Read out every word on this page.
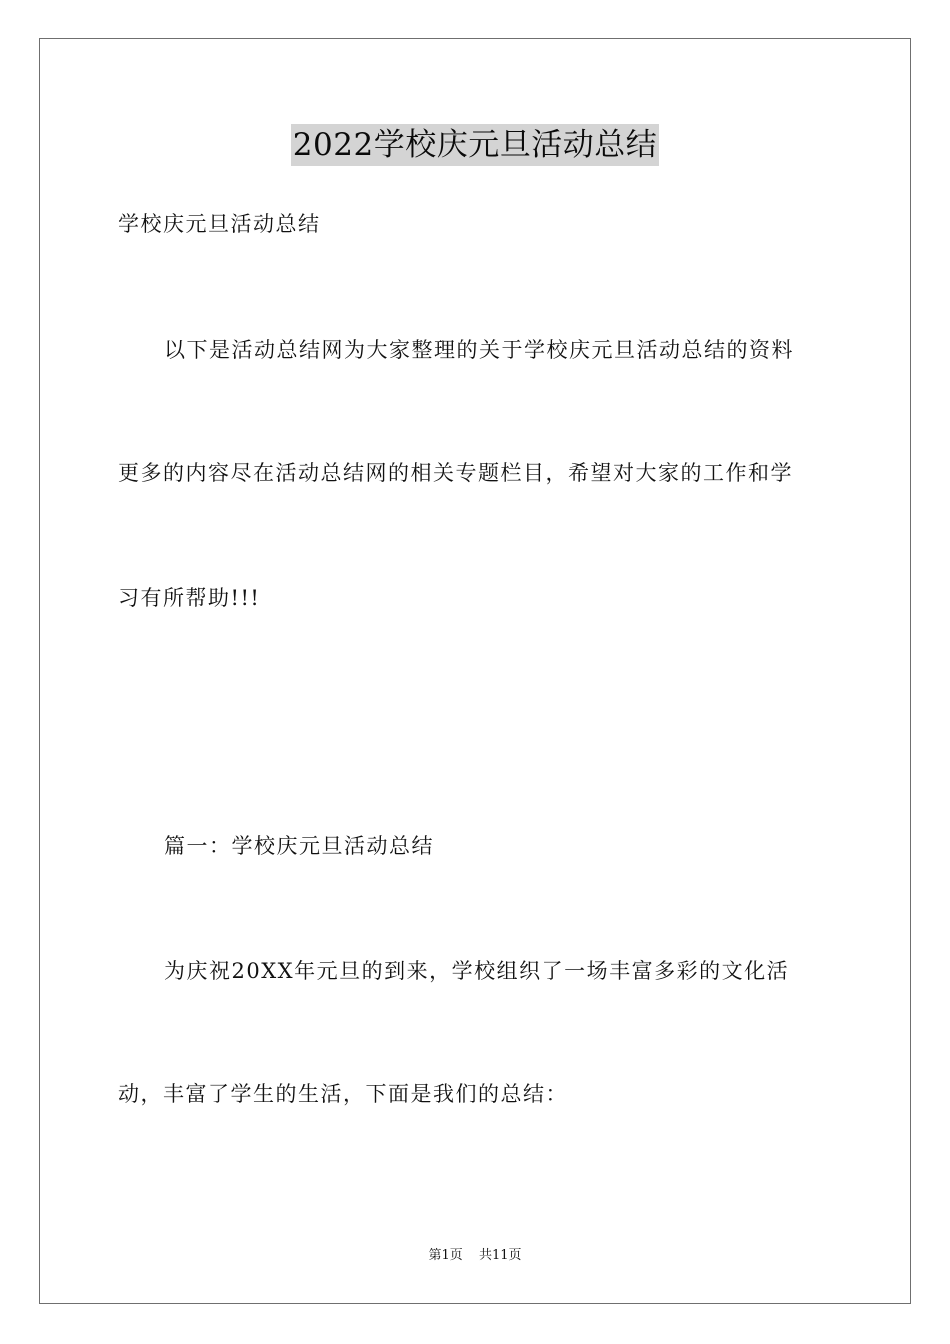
2022学校庆元旦活动总结
学校庆元旦活动总结
以下是活动总结网为大家整理的关于学校庆元旦活动总结的资料
更多的内容尽在活动总结网的相关专题栏目，希望对大家的工作和学
习有所帮助!!!
篇一：学校庆元旦活动总结
为庆祝20XX年元旦的到来，学校组织了一场丰富多彩的文化活
动，丰富了学生的生活，下面是我们的总结：
第1页 共11页
